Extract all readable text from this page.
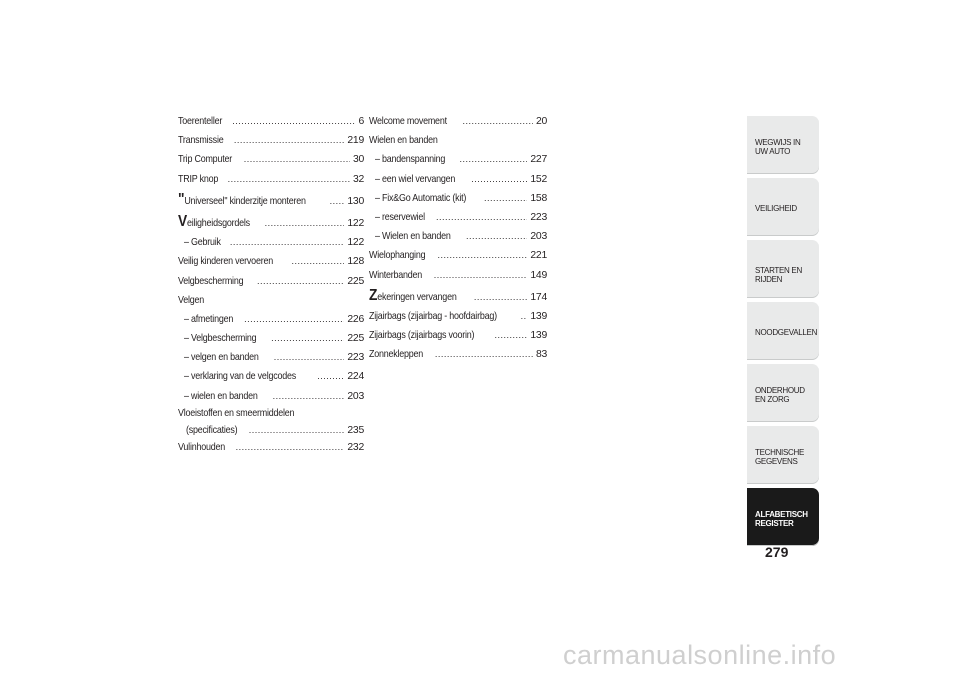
Toerenteller .....	6
Transmissie .....	219
Trip Computer .....	30
TRIP knop .....	32
"Universeel" kinderzitje monteren .....	130
Veiligheidsgordels .....	122
– Gebruik .....	122
Veilig kinderen vervoeren .....	128
Velgbescherming .....	225
Velgen
– afmetingen .....	226
– Velgbescherming .....	225
– velgen en banden .....	223
– verklaring van de velgcodes .....	224
– wielen en banden .....	203
Vloeistoffen en smeermiddelen
(specificaties) .....	235
Vulinhouden .....	232
Welcome movement .....	20
Wielen en banden
– bandenspanning .....	227
– een wiel vervangen .....	152
– Fix&Go Automatic (kit) .....	158
– reservewiel .....	223
– Wielen en banden .....	203
Wielophanging .....	221
Winterbanden .....	149
Zekeringen vervangen .....	174
Zijairbags (zijairbag - hoofdairbag) .....	139
Zijairbags (zijairbags voorin) .....	139
Zonnekleppen .....	83
WEGWIJS IN UW AUTO
VEILIGHEID
STARTEN EN RIJDEN
NOODGEVALLEN
ONDERHOUD EN ZORG
TECHNISCHE GEGEVENS
ALFABETISCH REGISTER
279
carmanualsonline.info
